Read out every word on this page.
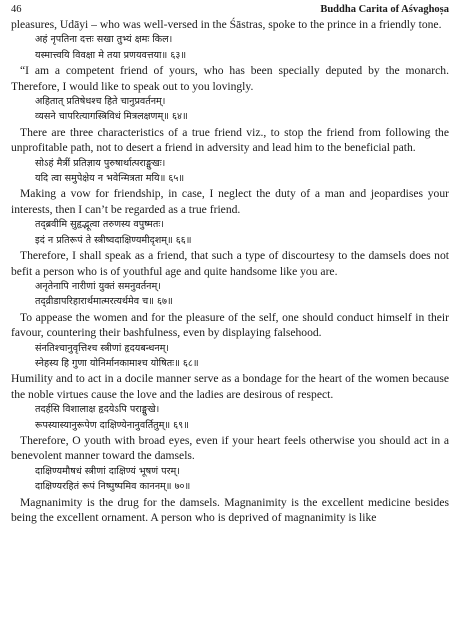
46	Buddha Carita of Aśvaghoṣa

pleasures, Udāyi – who was well-versed in the Śāstras, spoke to the prince in a friendly tone.

अहं नृपतिना दत्तः सखा तुभ्यं क्षमः किल।
यस्मात्त्वयि विवक्षा मे तया प्रणयवत्तया॥ ६३॥

“I am a competent friend of yours, who has been specially deputed by the monarch. Therefore, I would like to speak out to you lovingly.

अहितात् प्रतिषेधश्च हिते चानुप्रवर्तनम्।
व्यसने चापरित्यागस्त्रिविधं मित्रलक्षणम्॥ ६४॥

There are three characteristics of a true friend viz., to stop the friend from following the unprofitable path, not to desert a friend in adversity and lead him to the beneficial path.

सोऽहं मैत्रीं प्रतिज्ञाय पुरुषार्थात्पराङ्मुखः।
यदि त्वा समुपेक्षेय न भवेन्मित्रता मयि॥ ६५॥

Making a vow for friendship, in case, I neglect the duty of a man and jeopardises your interests, then I can’t be regarded as a true friend.

तद्ब्रवीमि सुहृद्भूत्वा तरुणस्य वपुष्मतः।
इदं न प्रतिरूपं ते स्त्रीष्वदाक्षिण्यमीदृशम्॥ ६६॥

Therefore, I shall speak as a friend, that such a type of discourtesy to the damsels does not befit a person who is of youthful age and quite handsome like you are.

अनृतेनापि नारीणां युक्तं समनुवर्तनम्।
तद्व्रीडापरिहारार्थमात्मरत्यर्थमेव च॥ ६७॥

To appease the women and for the pleasure of the self, one should conduct himself in their favour, countering their bashfulness, even by displaying falsehood.

संनतिश्चानुवृत्तिश्च स्त्रीणां हृदयबन्धनम्।
स्नेहस्य हि गुणा योनिर्मानकामाश्च योषितः॥ ६८॥

Humility and to act in a docile manner serve as a bondage for the heart of the women because the noble virtues cause the love and the ladies are desirous of respect.

तदर्हसि विशालाक्ष हृदयेऽपि पराङ्मुखे।
रूपस्यास्यानुरूपेण दाक्षिण्येनानुवर्तितुम्॥ ६९॥

Therefore, O youth with broad eyes, even if your heart feels otherwise you should act in a benevolent manner toward the damsels.

दाक्षिण्यमौषधं स्त्रीणां दाक्षिण्यं भूषणं परम्।
दाक्षिण्यरहितं रूपं निष्पुष्पमिव काननम्॥ ७०॥

Magnanimity is the drug for the damsels. Magnanimity is the excellent medicine besides being the excellent ornament. A person who is deprived of magnanimity is like
